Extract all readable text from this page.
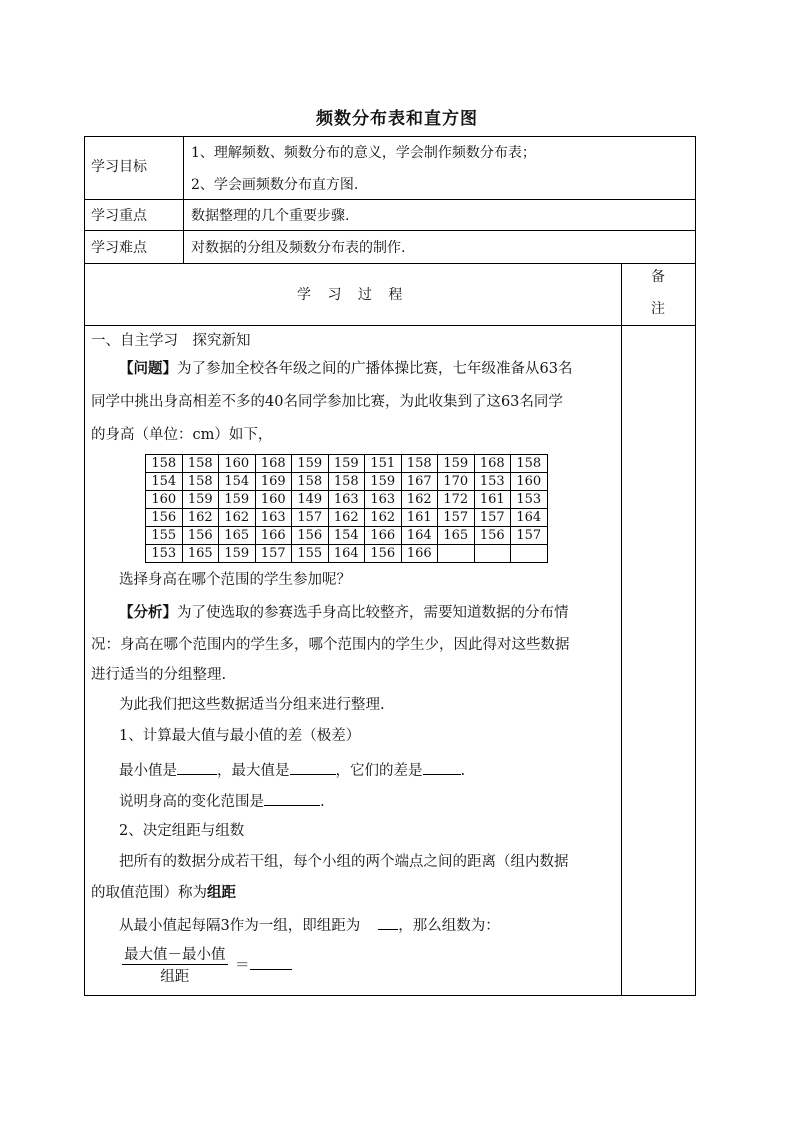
频数分布表和直方图
学习目标
1、理解频数、频数分布的意义，学会制作频数分布表；
2、学会画频数分布直方图.
学习重点	数据整理的几个重要步骤.
学习难点	对数据的分组及频数分布表的制作.
学 习 过 程
备
注
一、自主学习　探究新知
【问题】为了参加全校各年级之间的广播体操比赛，七年级准备从63名
同学中挑出身高相差不多的40名同学参加比赛，为此收集到了这63名同学
的身高（单位：cm）如下，
158	158	160	168	159	159	151	158	159	168	158
154	158	154	169	158	158	159	167	170	153	160
160	159	159	160	149	163	163	162	172	161	153
156	162	162	163	157	162	162	161	157	157	164
155	156	165	166	156	154	166	164	165	156	157
153	165	159	157	155	164	156	166			
选择身高在哪个范围的学生参加呢？
【分析】为了使选取的参赛选手身高比较整齐，需要知道数据的分布情
况：身高在哪个范围内的学生多，哪个范围内的学生少，因此得对这些数据
进行适当的分组整理.
为此我们把这些数据适当分组来进行整理.
1、计算最大值与最小值的差（极差）
最小值是	，最大值是	，它们的差是	.
说明身高的变化范围是	.
2、决定组距与组数
把所有的数据分成若干组，每个小组的两个端点之间的距离（组内数据
的取值范围）称为组距
从最小值起每隔3作为一组，即组距为	，那么组数为：
最大值－最小值
组距
＝
